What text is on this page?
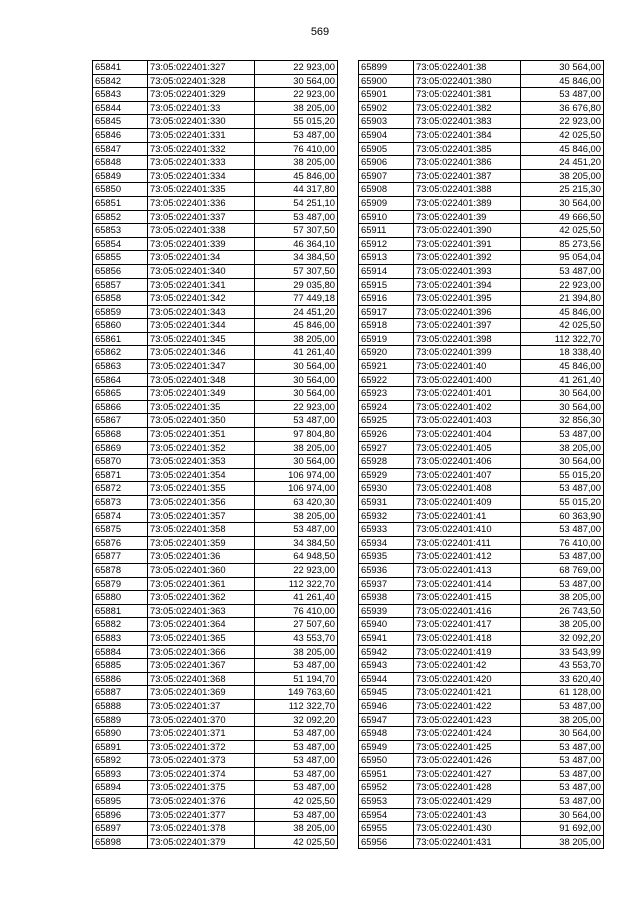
569
65841	73:05:022401:327	22 923,00
65842	73:05:022401:328	30 564,00
65843	73:05:022401:329	22 923,00
65844	73:05:022401:33	38 205,00
65845	73:05:022401:330	55 015,20
65846	73:05:022401:331	53 487,00
65847	73:05:022401:332	76 410,00
65848	73:05:022401:333	38 205,00
65849	73:05:022401:334	45 846,00
65850	73:05:022401:335	44 317,80
65851	73:05:022401:336	54 251,10
65852	73:05:022401:337	53 487,00
65853	73:05:022401:338	57 307,50
65854	73:05:022401:339	46 364,10
65855	73:05:022401:34	34 384,50
65856	73:05:022401:340	57 307,50
65857	73:05:022401:341	29 035,80
65858	73:05:022401:342	77 449,18
65859	73:05:022401:343	24 451,20
65860	73:05:022401:344	45 846,00
65861	73:05:022401:345	38 205,00
65862	73:05:022401:346	41 261,40
65863	73:05:022401:347	30 564,00
65864	73:05:022401:348	30 564,00
65865	73:05:022401:349	30 564,00
65866	73:05:022401:35	22 923,00
65867	73:05:022401:350	53 487,00
65868	73:05:022401:351	97 804,80
65869	73:05:022401:352	38 205,00
65870	73:05:022401:353	30 564,00
65871	73:05:022401:354	106 974,00
65872	73:05:022401:355	106 974,00
65873	73:05:022401:356	63 420,30
65874	73:05:022401:357	38 205,00
65875	73:05:022401:358	53 487,00
65876	73:05:022401:359	34 384,50
65877	73:05:022401:36	64 948,50
65878	73:05:022401:360	22 923,00
65879	73:05:022401:361	112 322,70
65880	73:05:022401:362	41 261,40
65881	73:05:022401:363	76 410,00
65882	73:05:022401:364	27 507,60
65883	73:05:022401:365	43 553,70
65884	73:05:022401:366	38 205,00
65885	73:05:022401:367	53 487,00
65886	73:05:022401:368	51 194,70
65887	73:05:022401:369	149 763,60
65888	73:05:022401:37	112 322,70
65889	73:05:022401:370	32 092,20
65890	73:05:022401:371	53 487,00
65891	73:05:022401:372	53 487,00
65892	73:05:022401:373	53 487,00
65893	73:05:022401:374	53 487,00
65894	73:05:022401:375	53 487,00
65895	73:05:022401:376	42 025,50
65896	73:05:022401:377	53 487,00
65897	73:05:022401:378	38 205,00
65898	73:05:022401:379	42 025,50
65899	73:05:022401:38	30 564,00
65900	73:05:022401:380	45 846,00
65901	73:05:022401:381	53 487,00
65902	73:05:022401:382	36 676,80
65903	73:05:022401:383	22 923,00
65904	73:05:022401:384	42 025,50
65905	73:05:022401:385	45 846,00
65906	73:05:022401:386	24 451,20
65907	73:05:022401:387	38 205,00
65908	73:05:022401:388	25 215,30
65909	73:05:022401:389	30 564,00
65910	73:05:022401:39	49 666,50
65911	73:05:022401:390	42 025,50
65912	73:05:022401:391	85 273,56
65913	73:05:022401:392	95 054,04
65914	73:05:022401:393	53 487,00
65915	73:05:022401:394	22 923,00
65916	73:05:022401:395	21 394,80
65917	73:05:022401:396	45 846,00
65918	73:05:022401:397	42 025,50
65919	73:05:022401:398	112 322,70
65920	73:05:022401:399	18 338,40
65921	73:05:022401:40	45 846,00
65922	73:05:022401:400	41 261,40
65923	73:05:022401:401	30 564,00
65924	73:05:022401:402	30 564,00
65925	73:05:022401:403	32 856,30
65926	73:05:022401:404	53 487,00
65927	73:05:022401:405	38 205,00
65928	73:05:022401:406	30 564,00
65929	73:05:022401:407	55 015,20
65930	73:05:022401:408	53 487,00
65931	73:05:022401:409	55 015,20
65932	73:05:022401:41	60 363,90
65933	73:05:022401:410	53 487,00
65934	73:05:022401:411	76 410,00
65935	73:05:022401:412	53 487,00
65936	73:05:022401:413	68 769,00
65937	73:05:022401:414	53 487,00
65938	73:05:022401:415	38 205,00
65939	73:05:022401:416	26 743,50
65940	73:05:022401:417	38 205,00
65941	73:05:022401:418	32 092,20
65942	73:05:022401:419	33 543,99
65943	73:05:022401:42	43 553,70
65944	73:05:022401:420	33 620,40
65945	73:05:022401:421	61 128,00
65946	73:05:022401:422	53 487,00
65947	73:05:022401:423	38 205,00
65948	73:05:022401:424	30 564,00
65949	73:05:022401:425	53 487,00
65950	73:05:022401:426	53 487,00
65951	73:05:022401:427	53 487,00
65952	73:05:022401:428	53 487,00
65953	73:05:022401:429	53 487,00
65954	73:05:022401:43	30 564,00
65955	73:05:022401:430	91 692,00
65956	73:05:022401:431	38 205,00
